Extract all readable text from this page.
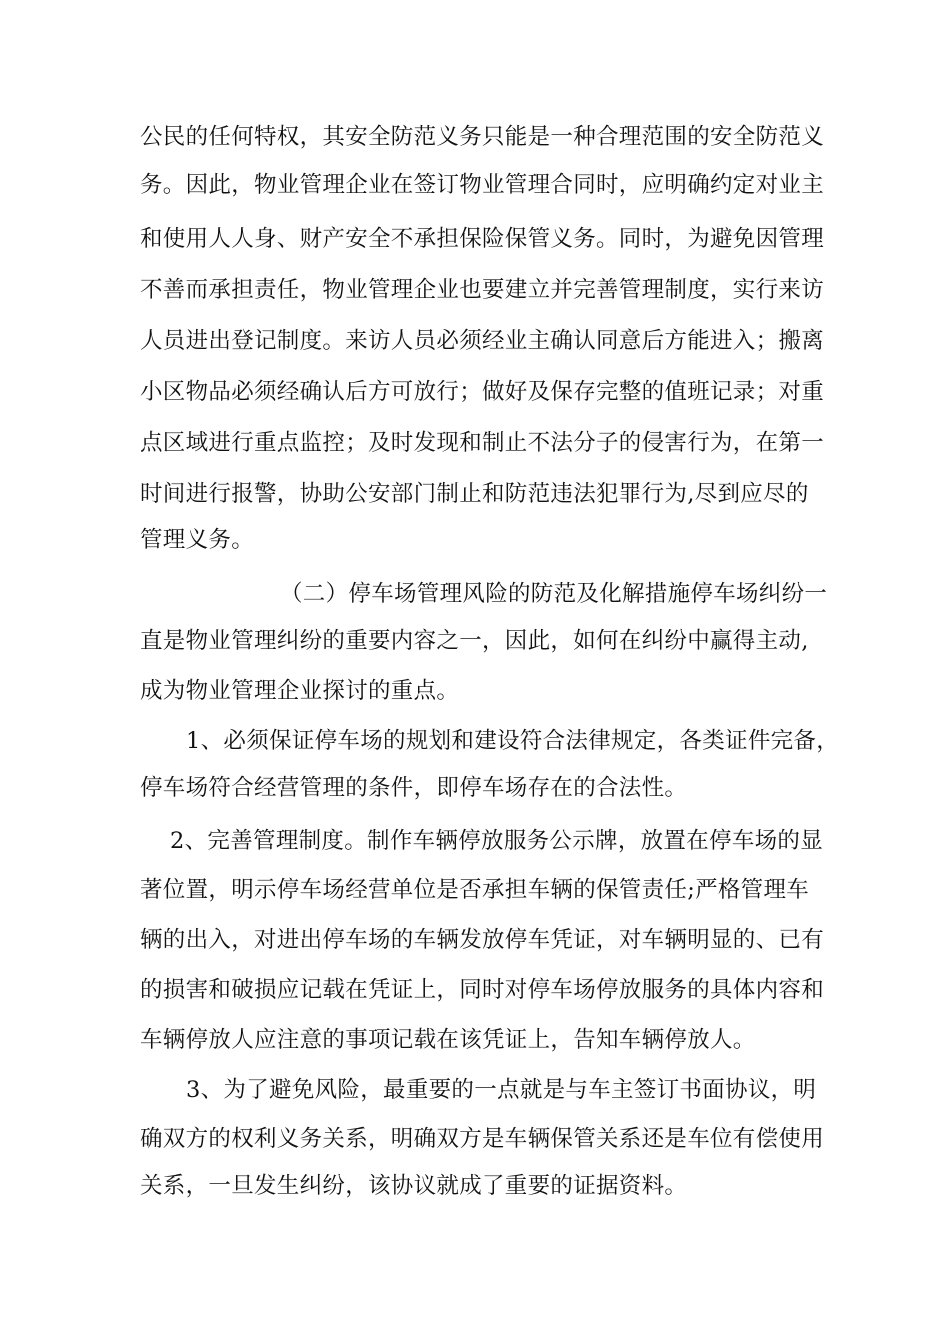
公民的任何特权，其安全防范义务只能是一种合理范围的安全防范义
务。因此，物业管理企业在签订物业管理合同时，应明确约定对业主
和使用人人身、财产安全不承担保险保管义务。同时，为避免因管理
不善而承担责任，物业管理企业也要建立并完善管理制度，实行来访
人员进出登记制度。来访人员必须经业主确认同意后方能进入；搬离
小区物品必须经确认后方可放行；做好及保存完整的值班记录；对重
点区域进行重点监控；及时发现和制止不法分子的侵害行为，在第一
时间进行报警，协助公安部门制止和防范违法犯罪行为,尽到应尽的
管理义务。
（二）停车场管理风险的防范及化解措施停车场纠纷一
直是物业管理纠纷的重要内容之一，因此，如何在纠纷中赢得主动,
成为物业管理企业探讨的重点。
1、必须保证停车场的规划和建设符合法律规定，各类证件完备，
停车场符合经营管理的条件，即停车场存在的合法性。
2、完善管理制度。制作车辆停放服务公示牌，放置在停车场的显
著位置，明示停车场经营单位是否承担车辆的保管责任;严格管理车
辆的出入，对进出停车场的车辆发放停车凭证，对车辆明显的、已有
的损害和破损应记载在凭证上，同时对停车场停放服务的具体内容和
车辆停放人应注意的事项记载在该凭证上，告知车辆停放人。
3、为了避免风险，最重要的一点就是与车主签订书面协议，明
确双方的权利义务关系，明确双方是车辆保管关系还是车位有偿使用
关系，一旦发生纠纷，该协议就成了重要的证据资料。
